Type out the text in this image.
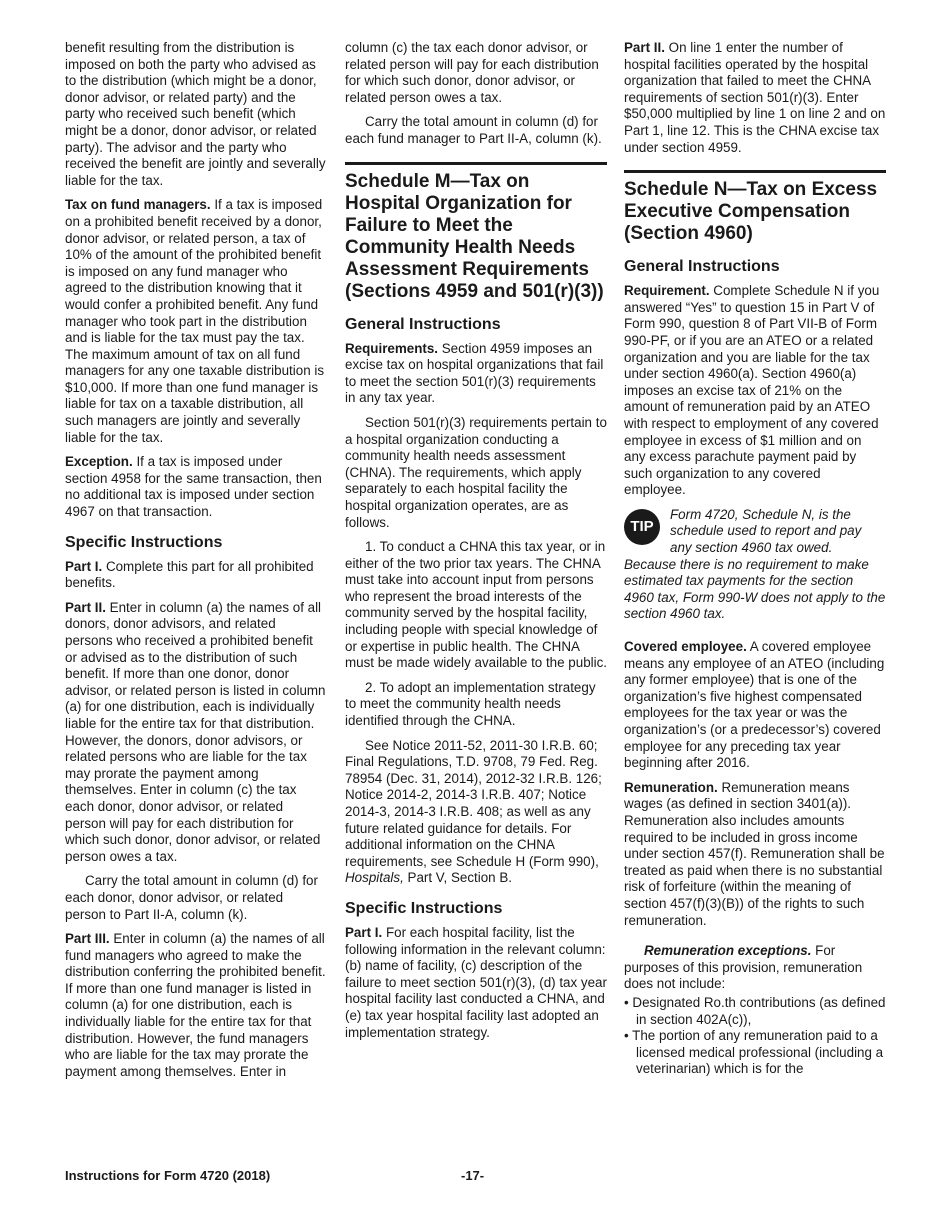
benefit resulting from the distribution is imposed on both the party who advised as to the distribution (which might be a donor, donor advisor, or related party) and the party who received such benefit (which might be a donor, donor advisor, or related party). The advisor and the party who received the benefit are jointly and severally liable for the tax.

Tax on fund managers. If a tax is imposed on a prohibited benefit received by a donor, donor advisor, or related person, a tax of 10% of the amount of the prohibited benefit is imposed on any fund manager who agreed to the distribution knowing that it would confer a prohibited benefit. Any fund manager who took part in the distribution and is liable for the tax must pay the tax. The maximum amount of tax on all fund managers for any one taxable distribution is $10,000. If more than one fund manager is liable for tax on a taxable distribution, all such managers are jointly and severally liable for the tax.

Exception. If a tax is imposed under section 4958 for the same transaction, then no additional tax is imposed under section 4967 on that transaction.

Specific Instructions

Part I. Complete this part for all prohibited benefits.

Part II. Enter in column (a) the names of all donors, donor advisors, and related persons who received a prohibited benefit or advised as to the distribution of such benefit. If more than one donor, donor advisor, or related person is listed in column (a) for one distribution, each is individually liable for the entire tax for that distribution. However, the donors, donor advisors, or related persons who are liable for the tax may prorate the payment among themselves. Enter in column (c) the tax each donor, donor advisor, or related person will pay for each distribution for which such donor, donor advisor, or related person owes a tax.

Carry the total amount in column (d) for each donor, donor advisor, or related person to Part II-A, column (k).

Part III. Enter in column (a) the names of all fund managers who agreed to make the distribution conferring the prohibited benefit. If more than one fund manager is listed in column (a) for one distribution, each is individually liable for the entire tax for that distribution. However, the fund managers who are liable for the tax may prorate the payment among themselves. Enter in

column (c) the tax each donor advisor, or related person will pay for each distribution for which such donor, donor advisor, or related person owes a tax.

Carry the total amount in column (d) for each fund manager to Part II-A, column (k).

Schedule M—Tax on Hospital Organization for Failure to Meet the Community Health Needs Assessment Requirements (Sections 4959 and 501(r)(3))
General Instructions

Requirements. Section 4959 imposes an excise tax on hospital organizations that fail to meet the section 501(r)(3) requirements in any tax year.

Section 501(r)(3) requirements pertain to a hospital organization conducting a community health needs assessment (CHNA). The requirements, which apply separately to each hospital facility the hospital organization operates, are as follows.

1. To conduct a CHNA this tax year, or in either of the two prior tax years. The CHNA must take into account input from persons who represent the broad interests of the community served by the hospital facility, including people with special knowledge of or expertise in public health. The CHNA must be made widely available to the public.

2. To adopt an implementation strategy to meet the community health needs identified through the CHNA.

See Notice 2011-52, 2011-30 I.R.B. 60; Final Regulations, T.D. 9708, 79 Fed. Reg. 78954 (Dec. 31, 2014), 2012-32 I.R.B. 126; Notice 2014-2, 2014-3 I.R.B. 407; Notice 2014-3, 2014-3 I.R.B. 408; as well as any future related guidance for details. For additional information on the CHNA requirements, see Schedule H (Form 990), Hospitals, Part V, Section B.

Specific Instructions

Part I. For each hospital facility, list the following information in the relevant column: (b) name of facility, (c) description of the failure to meet section 501(r)(3), (d) tax year hospital facility last conducted a CHNA, and (e) tax year hospital facility last adopted an implementation strategy.

Part II. On line 1 enter the number of hospital facilities operated by the hospital organization that failed to meet the CHNA requirements of section 501(r)(3). Enter $50,000 multiplied by line 1 on line 2 and on Part 1, line 12. This is the CHNA excise tax under section 4959.

Schedule N—Tax on Excess Executive Compensation (Section 4960)
General Instructions

Requirement. Complete Schedule N if you answered “Yes” to question 15 in Part V of Form 990, question 8 of Part VII-B of Form 990-PF, or if you are an ATEO or a related organization and you are liable for the tax under section 4960(a). Section 4960(a) imposes an excise tax of 21% on the amount of remuneration paid by an ATEO with respect to employment of any covered employee in excess of $1 million and on any excess parachute payment paid by such organization to any covered employee.

TIP
Form 4720, Schedule N, is the schedule used to report and pay any section 4960 tax owed.

Because there is no requirement to make estimated tax payments for the section 4960 tax, Form 990-W does not apply to the section 4960 tax.

Covered employee. A covered employee means any employee of an ATEO (including any former employee) that is one of the organization’s five highest compensated employees for the tax year or was the organization’s (or a predecessor’s) covered employee for any preceding tax year beginning after 2016.

Remuneration. Remuneration means wages (as defined in section 3401(a)). Remuneration also includes amounts required to be included in gross income under section 457(f). Remuneration shall be treated as paid when there is no substantial risk of forfeiture (within the meaning of section 457(f)(3)(B)) of the rights to such remuneration.

Remuneration exceptions. For purposes of this provision, remuneration does not include:

• Designated Ro.th contributions (as defined in section 402A(c)),

• The portion of any remuneration paid to a licensed medical professional (including a veterinarian) which is for the

Instructions for Form 4720 (2018)	-17-
